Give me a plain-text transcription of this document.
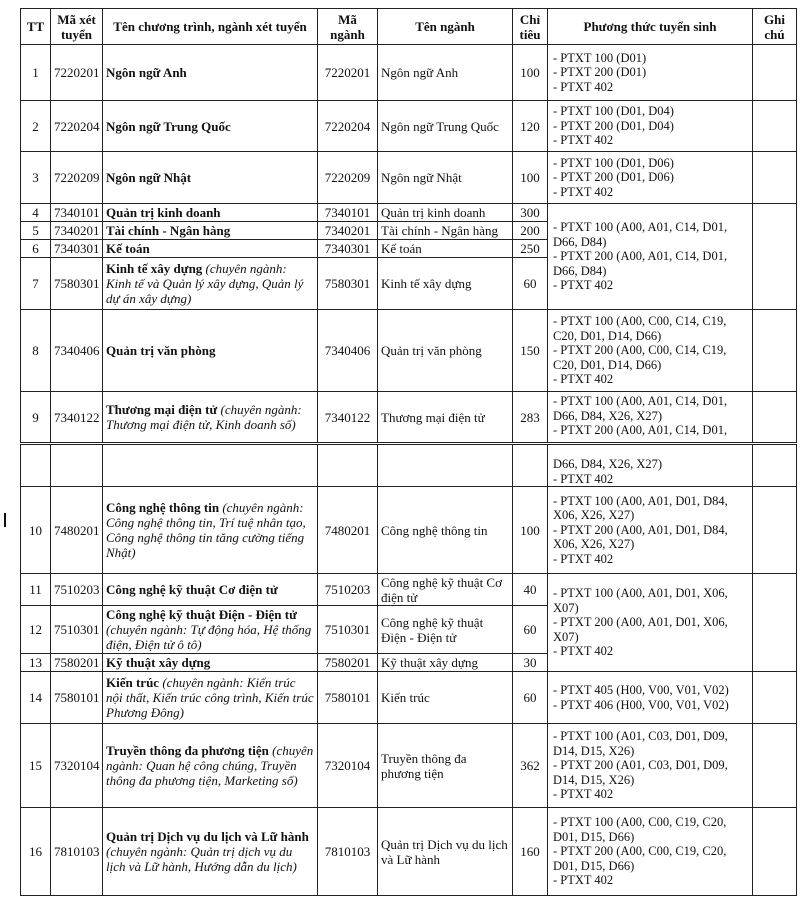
TT	Mã xét tuyển	Tên chương trình, ngành xét tuyển	Mã ngành	Tên ngành	Chỉ tiêu	Phương thức tuyển sinh	Ghi chú
1	7220201	Ngôn ngữ Anh	7220201	Ngôn ngữ Anh	100	- PTXT 100 (D01)
- PTXT 200 (D01)
- PTXT 402	

2	7220204	Ngôn ngữ Trung Quốc	7220204	Ngôn ngữ Trung Quốc	120	- PTXT 100 (D01, D04)
- PTXT 200 (D01, D04)
- PTXT 402	

3	7220209	Ngôn ngữ Nhật	7220209	Ngôn ngữ Nhật	100	- PTXT 100 (D01, D06)
- PTXT 200 (D01, D06)
- PTXT 402	

4	7340101	Quản trị kinh doanh	7340101	Quản trị kinh doanh	300	- PTXT 100 (A00, A01, C14, D01,
D66, D84)
- PTXT 200 (A00, A01, C14, D01,
D66, D84)
- PTXT 402	

5	7340201	Tài chính - Ngân hàng	7340201	Tài chính - Ngân hàng	200		
6	7340301	Kế toán	7340301	Kế toán	250		
7	7580301	Kinh tế xây dựng (chuyên ngành: Kinh tế và Quản lý xây dựng, Quản lý dự án xây dựng)	7580301	Kinh tế xây dựng	60		
8	7340406	Quản trị văn phòng	7340406	Quản trị văn phòng	150	- PTXT 100 (A00, C00, C14, C19,
C20, D01, D14, D66)
- PTXT 200 (A00, C00, C14, C19,
C20, D01, D14, D66)
- PTXT 402	

9	7340122	Thương mại điện tử (chuyên ngành: Thương mại điện tử, Kinh doanh số)	7340122	Thương mại điện tử	283	- PTXT 100 (A00, A01, C14, D01,
D66, D84, X26, X27)
- PTXT 200 (A00, A01, C14, D01,	

						D66, D84, X26, X27)
- PTXT 402	

10	7480201	Công nghệ thông tin (chuyên ngành: Công nghệ thông tin, Trí tuệ nhân tạo, Công nghệ thông tin tăng cường tiếng Nhật)	7480201	Công nghệ thông tin	100	- PTXT 100 (A00, A01, D01, D84,
X06, X26, X27)
- PTXT 200 (A00, A01, D01, D84,
X06, X26, X27)
- PTXT 402	

11	7510203	Công nghệ kỹ thuật Cơ điện tử	7510203	Công nghệ kỹ thuật Cơ điện tử	40	- PTXT 100 (A00, A01, D01, X06,
X07)
- PTXT 200 (A00, A01, D01, X06,
X07)
- PTXT 402	

12	7510301	Công nghệ kỹ thuật Điện - Điện tử (chuyên ngành: Tự động hóa, Hệ thống điện, Điện tử ô tô)	7510301	Công nghệ kỹ thuật Điện - Điện tử	60		
13	7580201	Kỹ thuật xây dựng	7580201	Kỹ thuật xây dựng	30		
14	7580101	Kiến trúc (chuyên ngành: Kiến trúc nội thất, Kiến trúc công trình, Kiến trúc Phương Đông)	7580101	Kiến trúc	60	- PTXT 405 (H00, V00, V01, V02)
- PTXT 406 (H00, V00, V01, V02)	

15	7320104	Truyền thông đa phương tiện (chuyên ngành: Quan hệ công chúng, Truyền thông đa phương tiện, Marketing số)	7320104	Truyền thông đa phương tiện	362	- PTXT 100 (A01, C03, D01, D09,
D14, D15, X26)
- PTXT 200 (A01, C03, D01, D09,
D14, D15, X26)
- PTXT 402	

16	7810103	Quản trị Dịch vụ du lịch và Lữ hành (chuyên ngành: Quản trị dịch vụ du lịch và Lữ hành, Hướng dẫn du lịch)	7810103	Quản trị Dịch vụ du lịch và Lữ hành	160	- PTXT 100 (A00, C00, C19, C20,
D01, D15, D66)
- PTXT 200 (A00, C00, C19, C20,
D01, D15, D66)
- PTXT 402	
